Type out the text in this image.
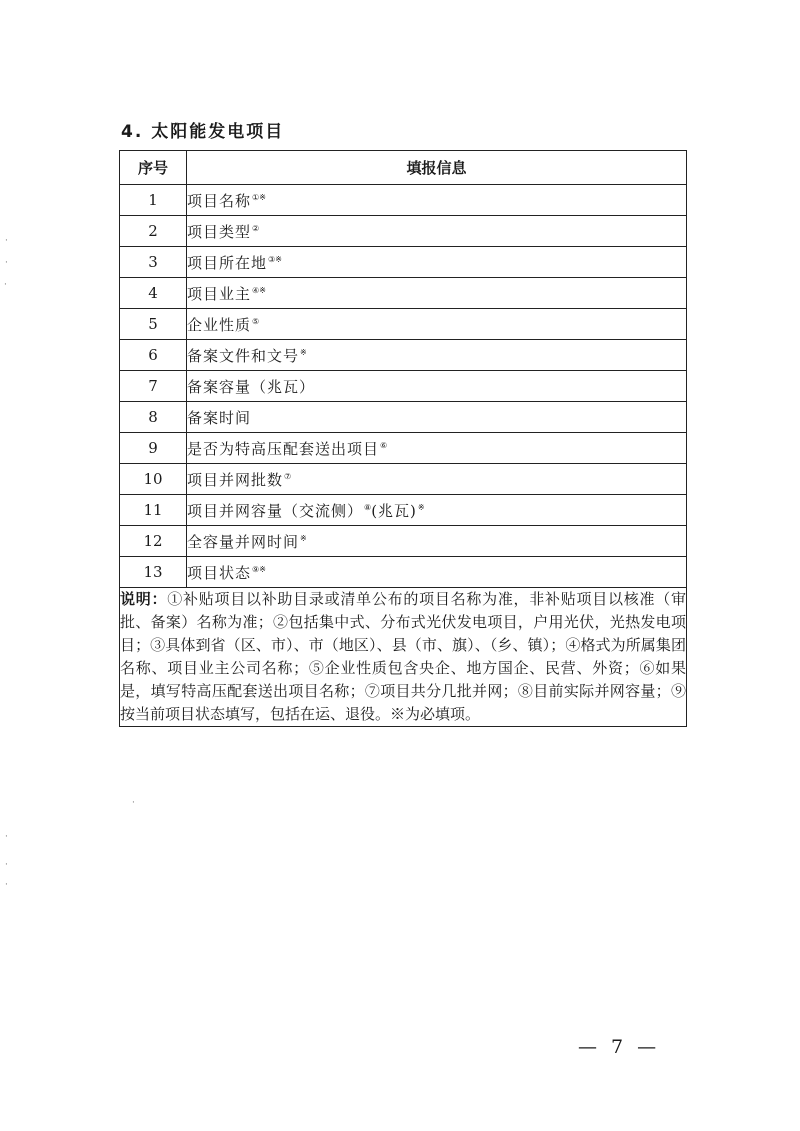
4. 太阳能发电项目
序号	填报信息
1	项目名称①※
2	项目类型②
3	项目所在地③※
4	项目业主④※
5	企业性质⑤
6	备案文件和文号※
7	备案容量（兆瓦）
8	备案时间
9	是否为特高压配套送出项目⑥
10	项目并网批数⑦
11	项目并网容量（交流侧）⑧(兆瓦)※
12	全容量并网时间※
13	项目状态⑨※
说明：①补贴项目以补助目录或清单公布的项目名称为准，非补贴项目以核准（审批、备案）名称为准；②包括集中式、分布式光伏发电项目，户用光伏，光热发电项目；③具体到省（区、市）、市（地区）、县（市、旗）、（乡、镇）；④格式为所属集团名称、项目业主公司名称；⑤企业性质包含央企、地方国企、民营、外资；⑥如果是，填写特高压配套送出项目名称；⑦项目共分几批并网；⑧目前实际并网容量；⑨按当前项目状态填写，包括在运、退役。※为必填项。	
— 7 —
·
·
·
·
·
·
·
